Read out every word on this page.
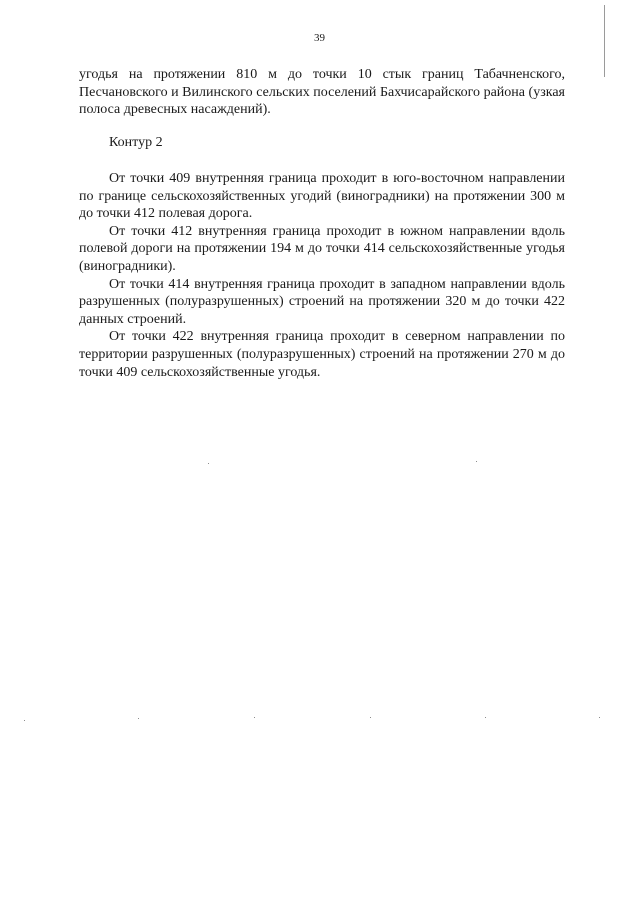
39

угодья на протяжении 810 м до точки 10 стык границ Табачненского, Песчановского и Вилинского сельских поселений Бахчисарайского района (узкая полоса древесных насаждений).

Контур 2

От точки 409 внутренняя граница проходит в юго-восточном направлении по границе сельскохозяйственных угодий (виноградники) на протяжении 300 м до точки 412 полевая дорога.

От точки 412 внутренняя граница проходит в южном направлении вдоль полевой дороги на протяжении 194 м до точки 414 сельскохозяйственные угодья (виноградники).

От точки 414 внутренняя граница проходит в западном направлении вдоль разрушенных (полуразрушенных) строений на протяжении 320 м до точки 422 данных строений.

От точки 422 внутренняя граница проходит в северном направлении по территории разрушенных (полуразрушенных) строений на протяжении 270 м до точки 409 сельскохозяйственные угодья.
